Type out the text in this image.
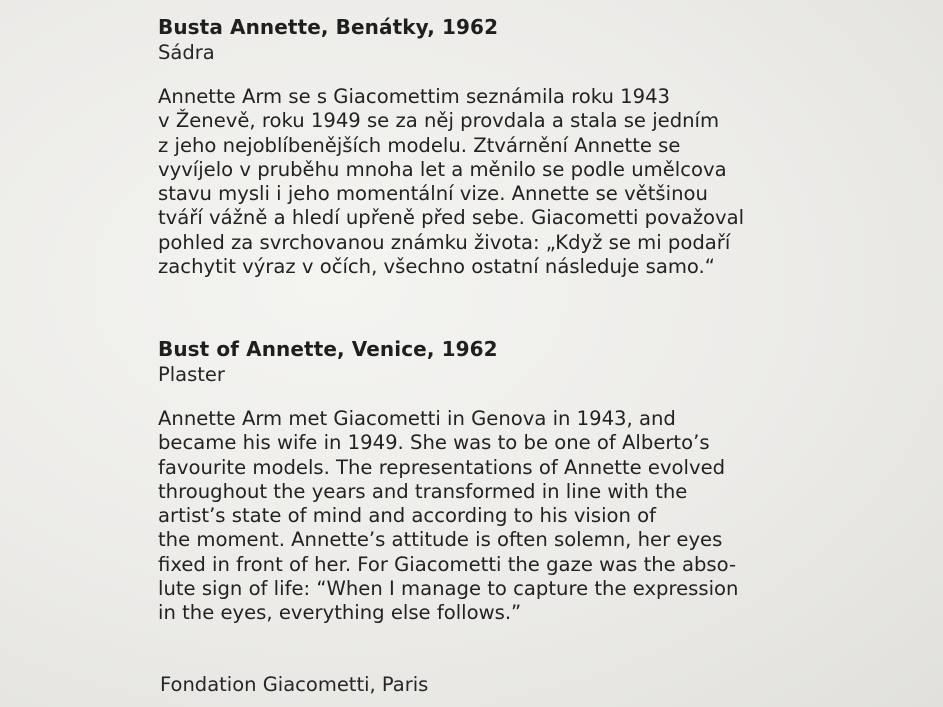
Busta Annette, Benátky, 1962
Sádra
Annette Arm se s Giacomettim seznámila roku 1943
v Ženevě, roku 1949 se za něj provdala a stala se jedním
z jeho nejoblíbenějších modelu. Ztvárnění Annette se
vyvíjelo v pruběhu mnoha let a měnilo se podle umělcova
stavu mysli i jeho momentální vize. Annette se většinou
tváří vážně a hledí upřeně před sebe. Giacometti považoval
pohled za svrchovanou známku života: „Když se mi podaří
zachytit výraz v očích, všechno ostatní následuje samo.“
Bust of Annette, Venice, 1962
Plaster
Annette Arm met Giacometti in Genova in 1943, and
became his wife in 1949. She was to be one of Alberto’s
favourite models. The representations of Annette evolved
throughout the years and transformed in line with the
artist’s state of mind and according to his vision of
the moment. Annette’s attitude is often solemn, her eyes
fixed in front of her. For Giacometti the gaze was the abso-
lute sign of life: “When I manage to capture the expression
in the eyes, everything else follows.”
Fondation Giacometti, Paris
